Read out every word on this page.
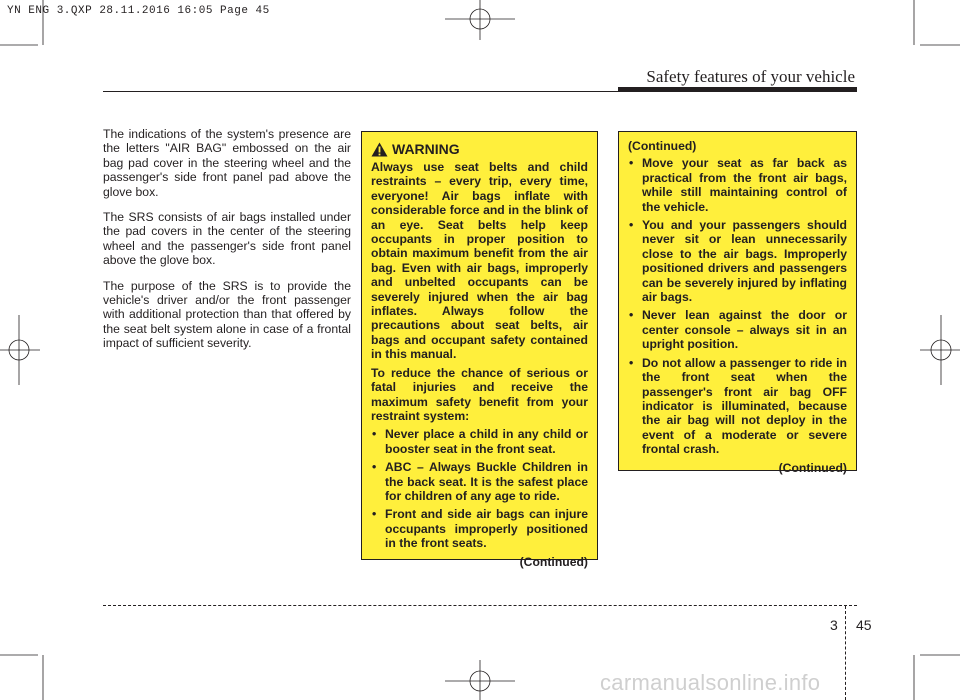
YN ENG 3.QXP 28.11.2016 16:05 Page 45
Safety features of your vehicle

The indications of the system's presence are the letters "AIR BAG" embossed on the air bag pad cover in the steering wheel and the passenger's side front panel pad above the glove box.

The SRS consists of air bags installed under the pad covers in the center of the steering wheel and the passenger's side front panel above the glove box.

The purpose of the SRS is to provide the vehicle's driver and/or the front passenger with additional protection than that offered by the seat belt system alone in case of a frontal impact of sufficient severity.

WARNING

Always use seat belts and child restraints – every trip, every time, everyone! Air bags inflate with considerable force and in the blink of an eye. Seat belts help keep occupants in proper position to obtain maximum benefit from the air bag. Even with air bags, improperly and unbelted occupants can be severely injured when the air bag inflates. Always follow the precautions about seat belts, air bags and occupant safety contained in this manual.

To reduce the chance of serious or fatal injuries and receive the maximum safety benefit from your restraint system:

• Never place a child in any child or booster seat in the front seat.
• ABC – Always Buckle Children in the back seat. It is the safest place for children of any age to ride.
• Front and side air bags can injure occupants improperly positioned in the front seats.
(Continued)
(Continued)
• Move your seat as far back as practical from the front air bags, while still maintaining control of the vehicle.
• You and your passengers should never sit or lean unnecessarily close to the air bags. Improperly positioned drivers and passengers can be severely injured by inflating air bags.
• Never lean against the door or center console – always sit in an upright position.
• Do not allow a passenger to ride in the front seat when the passenger's front air bag OFF indicator is illuminated, because the air bag will not deploy in the event of a moderate or severe frontal crash.
(Continued)
3 45
carmanualsonline.info
